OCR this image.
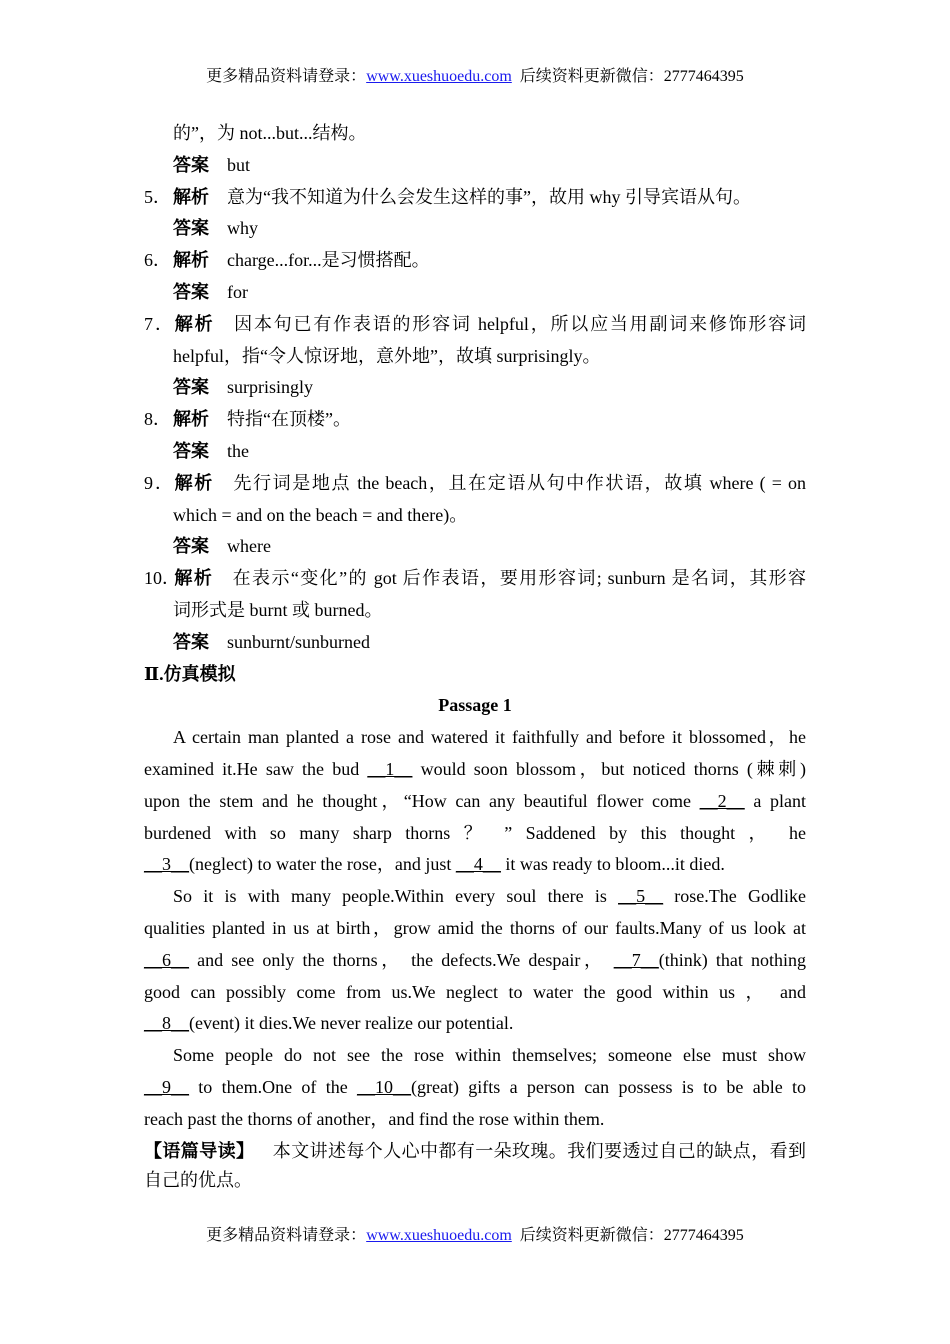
更多精品资料请登录：www.xueshuoedu.com 后续资料更新微信：2777464395
的”，为 not...but...结构。
答案 but
5． 解析 意为“我不知道为什么会发生这样的事”，故用 why 引导宾语从句。
答案 why
6． 解析 charge...for...是习惯搭配。
答案 for
7．解析 因本句已有作表语的形容词 helpful，所以应当用副词来修饰形容词
helpful，指“令人惊讶地，意外地”，故填 surprisingly。
答案 surprisingly
8． 解析 特指“在顶楼”。
答案 the
9．解析 先行词是地点 the beach，且在定语从句中作状语，故填 where ( = on
which = and on the beach = and there)。
答案 where
10．解析 在表示“变化”的 got 后作表语，要用形容词; sunburn 是名词，其形容
词形式是 burnt 或 burned。
答案 sunburnt/sunburned
Ⅱ.仿真模拟
Passage 1
A certain man planted a rose and watered it faithfully and before it blossomed，he
examined it.He saw the bud __1__ would soon blossom，but noticed thorns (棘刺)
upon the stem and he thought，“How can any beautiful flower come __2__ a plant
burdened with so many sharp thorns ？ ” Saddened by this thought ， he
__3__(neglect) to water the rose，and just __4__ it was ready to bloom...it died.
So it is with many people.Within every soul there is __5__ rose.The Godlike
qualities planted in us at birth，grow amid the thorns of our faults.Many of us look at
__6__ and see only the thorns， the defects.We despair， __7__(think) that nothing
good can possibly come from us.We neglect to water the good within us ， and
__8__(event) it dies.We never realize our potential.
Some people do not see the rose within themselves; someone else must show
__9__ to them.One of the __10__(great) gifts a person can possess is to be able to
reach past the thorns of another，and find the rose within them.
【语篇导读】 本文讲述每个人心中都有一朵玫瑰。我们要透过自己的缺点，看到
自己的优点。
更多精品资料请登录：www.xueshuoedu.com 后续资料更新微信：2777464395
